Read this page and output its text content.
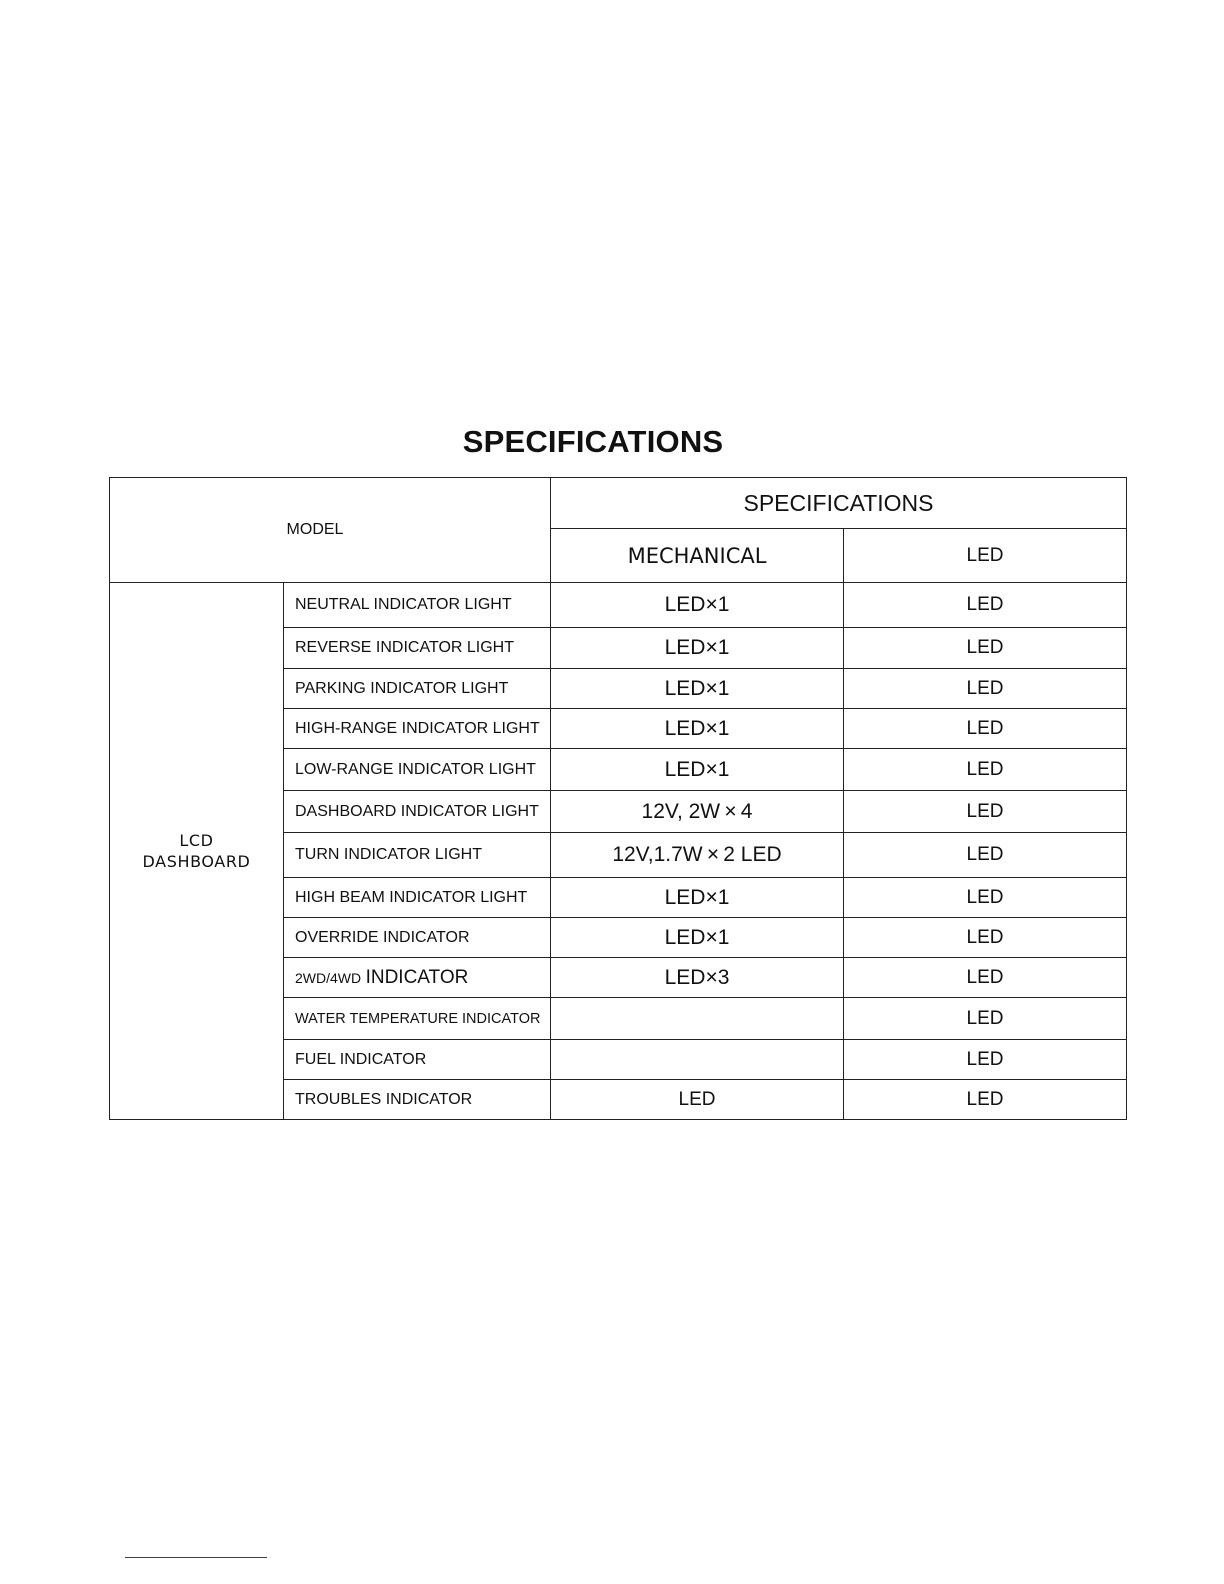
SPECIFICATIONS
MODEL		SPECIFICATIONS	
		MECHANICAL	LED

LCD
DASHBOARD	NEUTRAL INDICATOR LIGHT	LED×1	LED
	REVERSE INDICATOR LIGHT	LED×1	LED
	PARKING INDICATOR LIGHT	LED×1	LED
	HIGH-RANGE INDICATOR LIGHT	LED×1	LED
	LOW-RANGE INDICATOR LIGHT	LED×1	LED
	DASHBOARD INDICATOR LIGHT	12V, 2W × 4	LED
	TURN INDICATOR LIGHT	12V,1.7W × 2 LED	LED
	HIGH BEAM INDICATOR LIGHT	LED×1	LED
	OVERRIDE INDICATOR	LED×1	LED
	2WD/4WD INDICATOR	LED×3	LED
	WATER TEMPERATURE INDICATOR		LED
	FUEL INDICATOR		LED
	TROUBLES INDICATOR	LED	LED
